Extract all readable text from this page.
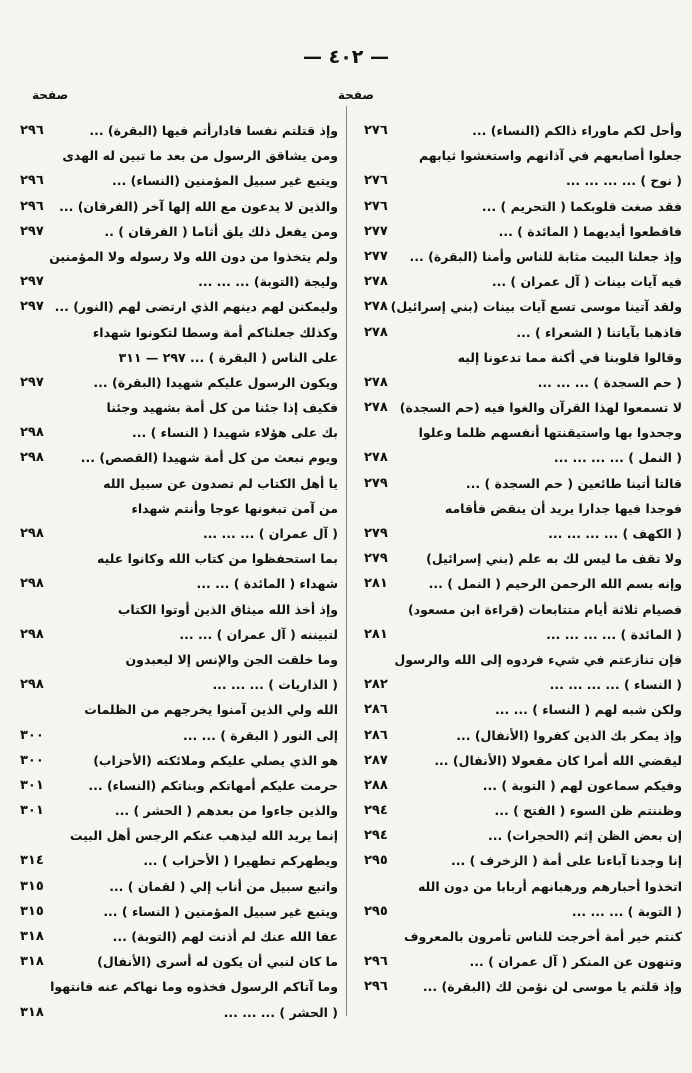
— ٤٠٢ —
صفحة
صفحة
وأحل لكم ماوراء ذالكم (النساء) ...
٢٧٦
جعلوا أصابعهم في آذانهم واستغشوا ثيابهم
( نوح ) ... ... ... ...
٢٧٦
فقد صغت قلوبكما ( التحريم ) ...
٢٧٦
فاقطعوا أيديهما ( المائدة ) ...
٢٧٧
وإذ جعلنا البيت مثابة للناس وأمنا (البقرة) ...
٢٧٧
فيه آيات بينات ( آل عمران ) ...
٢٧٨
ولقد آتينا موسى تسع آيات بينات (بني إسرائيل)
٢٧٨
فاذهبا بآياتنا ( الشعراء ) ...
٢٧٨
وقالوا قلوبنا في أكنة مما تدعونا إليه
( حم السجدة ) ... ... ...
٢٧٨
لا تسمعوا لهذا القرآن والغوا فيه (حم السجدة)
٢٧٨
وجحدوا بها واستيقنتها أنفسهم ظلما وعلوا
( النمل ) ... ... ... ...
٢٧٨
قالتا أتينا طائعين ( حم السجدة ) ...
٢٧٩
فوجدا فيها جدارا يريد أن ينقض فأقامه
( الكهف ) ... ... ... ...
٢٧٩
ولا تقف ما ليس لك به علم (بني إسرائيل)
٢٧٩
وإنه بسم الله الرحمن الرحيم ( النمل ) ...
٢٨١
فصيام ثلاثة أيام متتابعات (قراءة ابن مسعود)
( المائدة ) ... ... ... ...
٢٨١
فإن تنازعتم في شيء فردوه إلى الله والرسول
( النساء ) ... ... ... ...
٢٨٢
ولكن شبه لهم ( النساء ) ... ...
٢٨٦
وإذ يمكر بك الذين كفروا (الأنفال) ...
٢٨٦
ليقضي الله أمرا كان مفعولا (الأنفال) ...
٢٨٧
وفيكم سماعون لهم ( التوبة ) ...
٢٨٨
وظننتم ظن السوء ( الفتح ) ...
٢٩٤
إن بعض الظن إثم (الحجرات) ...
٢٩٤
إنا وجدنا آباءنا على أمة ( الزخرف ) ...
٢٩٥
اتخذوا أحبارهم ورهبانهم أربابا من دون الله
( التوبة ) ... ... ...
٢٩٥
كنتم خير أمة أخرجت للناس تأمرون بالمعروف
وتنهون عن المنكر ( آل عمران ) ...
٢٩٦
وإذ قلتم يا موسى لن نؤمن لك (البقرة) ...
٢٩٦
وإذ قتلتم نفسا فادارأتم فيها (البقرة) ...
٢٩٦
ومن يشاقق الرسول من بعد ما تبين له الهدى
ويتبع غير سبيل المؤمنين (النساء) ...
٢٩٦
والذين لا يدعون مع الله إلها آخر (الفرقان) ...
٢٩٦
ومن يفعل ذلك يلق أثاما ( الفرقان ) ..
٢٩٧
ولم يتخذوا من دون الله ولا رسوله ولا المؤمنين
وليجة (التوبة) ... ... ...
٢٩٧
وليمكنن لهم دينهم الذي ارتضى لهم (النور) ...
٢٩٧
وكذلك جعلناكم أمة وسطا لتكونوا شهداء
على الناس ( البقرة ) ... ٢٩٧ — ٣١١
ويكون الرسول عليكم شهيدا (البقرة) ...
٢٩٧
فكيف إذا جئنا من كل أمة بشهيد وجئنا
بك على هؤلاء شهيدا ( النساء ) ...
٢٩٨
ويوم نبعث من كل أمة شهيدا (القصص) ...
٢٩٨
يا أهل الكتاب لم تصدون عن سبيل الله
من آمن تبغونها عوجا وأنتم شهداء
( آل عمران ) ... ... ...
٢٩٨
بما استحفظوا من كتاب الله وكانوا عليه
شهداء ( المائدة ) ... ...
٢٩٨
وإذ أخذ الله ميثاق الذين أوتوا الكتاب
لتبيننه ( آل عمران ) ... ...
٢٩٨
وما خلقت الجن والإنس إلا ليعبدون
( الذاريات ) ... ... ...
٢٩٨
الله ولي الذين آمنوا يخرجهم من الظلمات
إلى النور ( البقرة ) ... ...
٣٠٠
هو الذي يصلي عليكم وملائكته (الأحزاب)
٣٠٠
حرمت عليكم أمهاتكم وبناتكم (النساء) ...
٣٠١
والذين جاءوا من بعدهم ( الحشر ) ...
٣٠١
إنما يريد الله ليذهب عنكم الرجس أهل البيت
ويطهركم تطهيرا ( الأحزاب ) ...
٣١٤
واتبع سبيل من أناب إلي ( لقمان ) ...
٣١٥
ويتبع غير سبيل المؤمنين ( النساء ) ...
٣١٥
عفا الله عنك لم أذنت لهم (التوبة) ...
٣١٨
ما كان لنبي أن يكون له أسرى (الأنفال)
٣١٨
وما آتاكم الرسول فخذوه وما نهاكم عنه فانتهوا
( الحشر ) ... ... ...
٣١٨
